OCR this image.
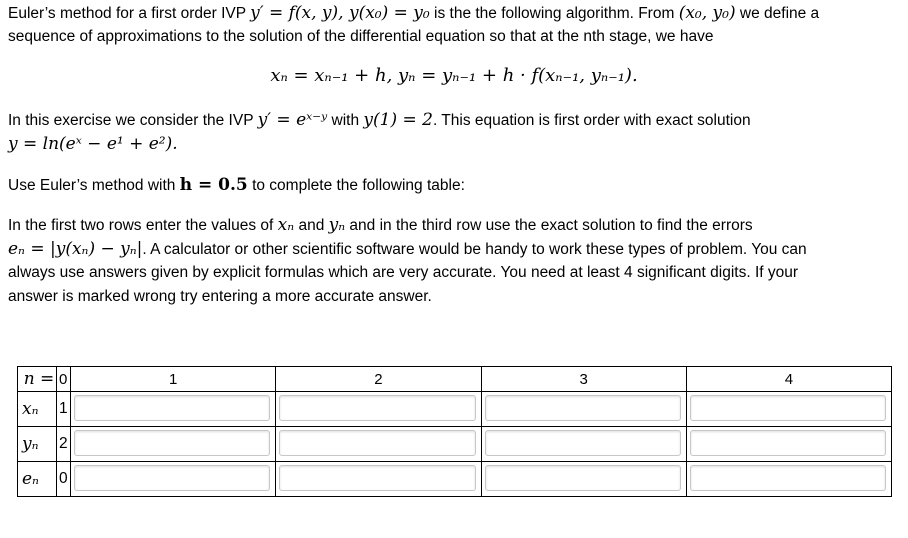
Euler’s method for a first order IVP y′ = f(x, y), y(x₀) = y₀ is the the following algorithm. From (x₀, y₀) we define a
sequence of approximations to the solution of the differential equation so that at the nth stage, we have
xₙ = xₙ₋₁ + h, yₙ = yₙ₋₁ + h · f(xₙ₋₁, yₙ₋₁).
In this exercise we consider the IVP y′ = eˣ⁻ʸ with y(1) = 2. This equation is first order with exact solution
y = ln(eˣ − e¹ + e²).
Use Euler’s method with h = 0.5 to complete the following table:
In the first two rows enter the values of xₙ and yₙ and in the third row use the exact solution to find the errors
eₙ = |y(xₙ) − yₙ|. A calculator or other scientific software would be handy to work these types of problem. You can
always use answers given by explicit formulas which are very accurate. You need at least 4 significant digits. If your
answer is marked wrong try entering a more accurate answer.
n = 0	1	2	3	4

xₙ 1

yₙ 2

eₙ 0
